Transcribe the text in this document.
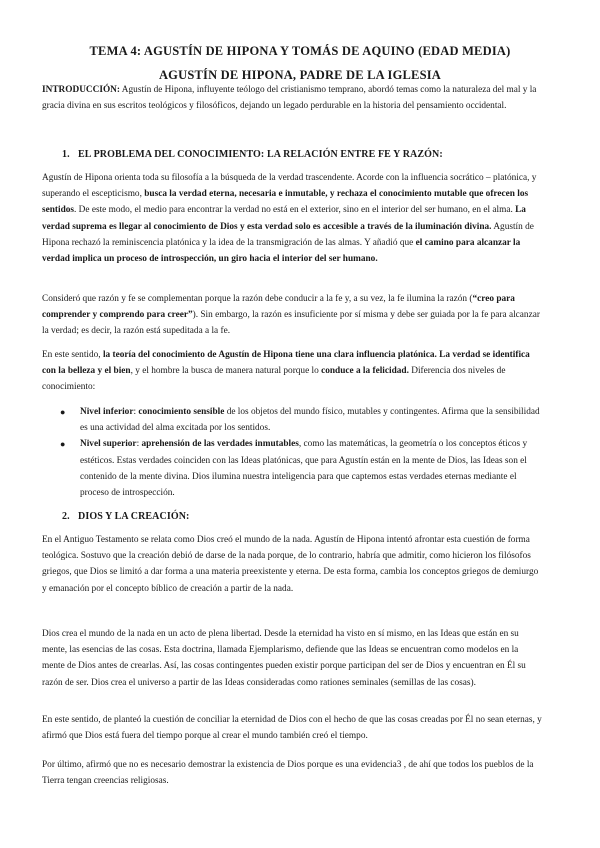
TEMA 4: AGUSTÍN DE HIPONA Y TOMÁS DE AQUINO (EDAD MEDIA)
AGUSTÍN DE HIPONA, PADRE DE LA IGLESIA

INTRODUCCIÓN: Agustín de Hipona, influyente teólogo del cristianismo temprano, abordó temas como la naturaleza del mal y la gracia divina en sus escritos teológicos y filosóficos, dejando un legado perdurable en la historia del pensamiento occidental.

1. EL PROBLEMA DEL CONOCIMIENTO: LA RELACIÓN ENTRE FE Y RAZÓN:

Agustín de Hipona orienta toda su filosofía a la búsqueda de la verdad trascendente. Acorde con la influencia socrático – platónica, y superando el escepticismo, busca la verdad eterna, necesaria e inmutable, y rechaza el conocimiento mutable que ofrecen los sentidos. De este modo, el medio para encontrar la verdad no está en el exterior, sino en el interior del ser humano, en el alma. La verdad suprema es llegar al conocimiento de Dios y esta verdad solo es accesible a través de la iluminación divina. Agustín de Hipona rechazó la reminiscencia platónica y la idea de la transmigración de las almas. Y añadió que el camino para alcanzar la verdad implica un proceso de introspección, un giro hacia el interior del ser humano.

Consideró que razón y fe se complementan porque la razón debe conducir a la fe y, a su vez, la fe ilumina la razón (“creo para comprender y comprendo para creer”). Sin embargo, la razón es insuficiente por sí misma y debe ser guiada por la fe para alcanzar la verdad; es decir, la razón está supeditada a la fe.

En este sentido, la teoría del conocimiento de Agustín de Hipona tiene una clara influencia platónica. La verdad se identifica con la belleza y el bien, y el hombre la busca de manera natural porque lo conduce a la felicidad. Diferencia dos niveles de conocimiento:

● Nivel inferior: conocimiento sensible de los objetos del mundo físico, mutables y contingentes. Afirma que la sensibilidad es una actividad del alma excitada por los sentidos.
● Nivel superior: aprehensión de las verdades inmutables, como las matemáticas, la geometría o los conceptos éticos y estéticos. Estas verdades coinciden con las Ideas platónicas, que para Agustín están en la mente de Dios, las Ideas son el contenido de la mente divina. Dios ilumina nuestra inteligencia para que captemos estas verdades eternas mediante el proceso de introspección.
2. DIOS Y LA CREACIÓN:

En el Antiguo Testamento se relata como Dios creó el mundo de la nada. Agustín de Hipona intentó afrontar esta cuestión de forma teológica. Sostuvo que la creación debió de darse de la nada porque, de lo contrario, habría que admitir, como hicieron los filósofos griegos, que Dios se limitó a dar forma a una materia preexistente y eterna. De esta forma, cambia los conceptos griegos de demiurgo y emanación por el concepto bíblico de creación a partir de la nada.

Dios crea el mundo de la nada en un acto de plena libertad. Desde la eternidad ha visto en sí mismo, en las Ideas que están en su mente, las esencias de las cosas. Esta doctrina, llamada Ejemplarismo, defiende que las Ideas se encuentran como modelos en la mente de Dios antes de crearlas. Así, las cosas contingentes pueden existir porque participan del ser de Dios y encuentran en Él su razón de ser. Dios crea el universo a partir de las Ideas consideradas como rationes seminales (semillas de las cosas).

En este sentido, de planteó la cuestión de conciliar la eternidad de Dios con el hecho de que las cosas creadas por Él no sean eternas, y afirmó que Dios está fuera del tiempo porque al crear el mundo también creó el tiempo.

Por último, afirmó que no es necesario demostrar la existencia de Dios porque es una evidencia3 , de ahí que todos los pueblos de la Tierra tengan creencias religiosas.
